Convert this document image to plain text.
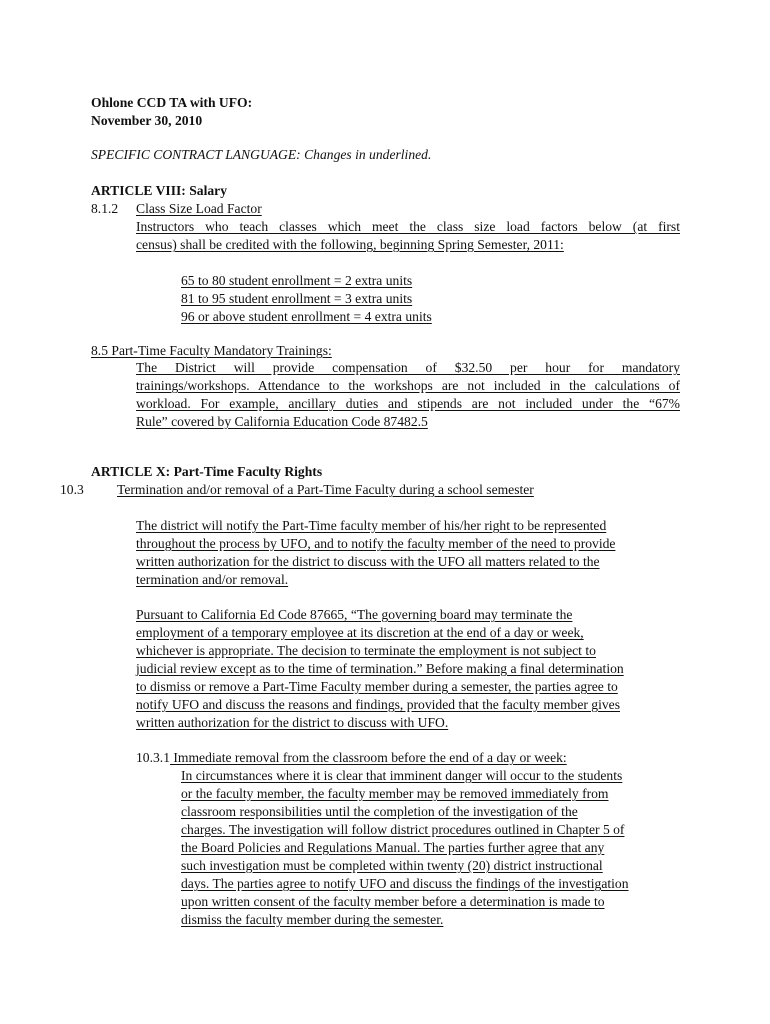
Ohlone CCD TA with UFO:
November 30, 2010
SPECIFIC CONTRACT LANGUAGE: Changes in underlined.
ARTICLE VIII: Salary
8.1.2 Class Size Load Factor
Instructors who teach classes which meet the class size load factors below (at first
census) shall be credited with the following, beginning Spring Semester, 2011:
65 to 80 student enrollment = 2 extra units
81 to 95 student enrollment = 3 extra units
96 or above student enrollment = 4 extra units
8.5 Part-Time Faculty Mandatory Trainings:
The District will provide compensation of $32.50 per hour for mandatory
trainings/workshops. Attendance to the workshops are not included in the calculations of
workload. For example, ancillary duties and stipends are not included under the “67%
Rule” covered by California Education Code 87482.5
ARTICLE X: Part-Time Faculty Rights
10.3 Termination and/or removal of a Part-Time Faculty during a school semester
The district will notify the Part-Time faculty member of his/her right to be represented
throughout the process by UFO, and to notify the faculty member of the need to provide
written authorization for the district to discuss with the UFO all matters related to the
termination and/or removal.
Pursuant to California Ed Code 87665, “The governing board may terminate the
employment of a temporary employee at its discretion at the end of a day or week,
whichever is appropriate. The decision to terminate the employment is not subject to
judicial review except as to the time of termination.” Before making a final determination
to dismiss or remove a Part-Time Faculty member during a semester, the parties agree to
notify UFO and discuss the reasons and findings, provided that the faculty member gives
written authorization for the district to discuss with UFO.
10.3.1 Immediate removal from the classroom before the end of a day or week:
In circumstances where it is clear that imminent danger will occur to the students
or the faculty member, the faculty member may be removed immediately from
classroom responsibilities until the completion of the investigation of the
charges. The investigation will follow district procedures outlined in Chapter 5 of
the Board Policies and Regulations Manual. The parties further agree that any
such investigation must be completed within twenty (20) district instructional
days. The parties agree to notify UFO and discuss the findings of the investigation
upon written consent of the faculty member before a determination is made to
dismiss the faculty member during the semester.
